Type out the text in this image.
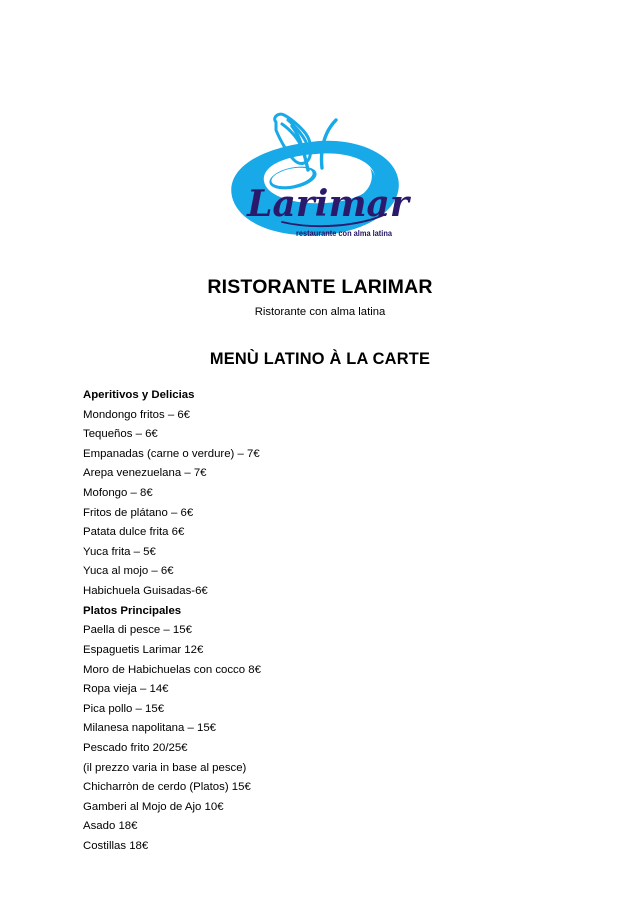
Larimar
restaurante con alma latina
RISTORANTE LARIMAR

Ristorante con alma latina

MENÙ LATINO À LA CARTE
Aperitivos y Delicias
Mondongo fritos – 6€
Tequeños – 6€
Empanadas (carne o verdure) – 7€
Arepa venezuelana – 7€
Mofongo – 8€
Fritos de plátano – 6€
Patata dulce frita 6€
Yuca frita – 5€
Yuca al mojo – 6€
Habichuela Guisadas-6€
Platos Principales
Paella di pesce – 15€
Espaguetis Larimar 12€
Moro de Habichuelas con cocco 8€
Ropa vieja – 14€
Pica pollo – 15€
Milanesa napolitana – 15€
Pescado frito 20/25€
(il prezzo varia in base al pesce)
Chicharròn de cerdo (Platos) 15€
Gamberi al Mojo de Ajo 10€
Asado 18€
Costillas 18€
